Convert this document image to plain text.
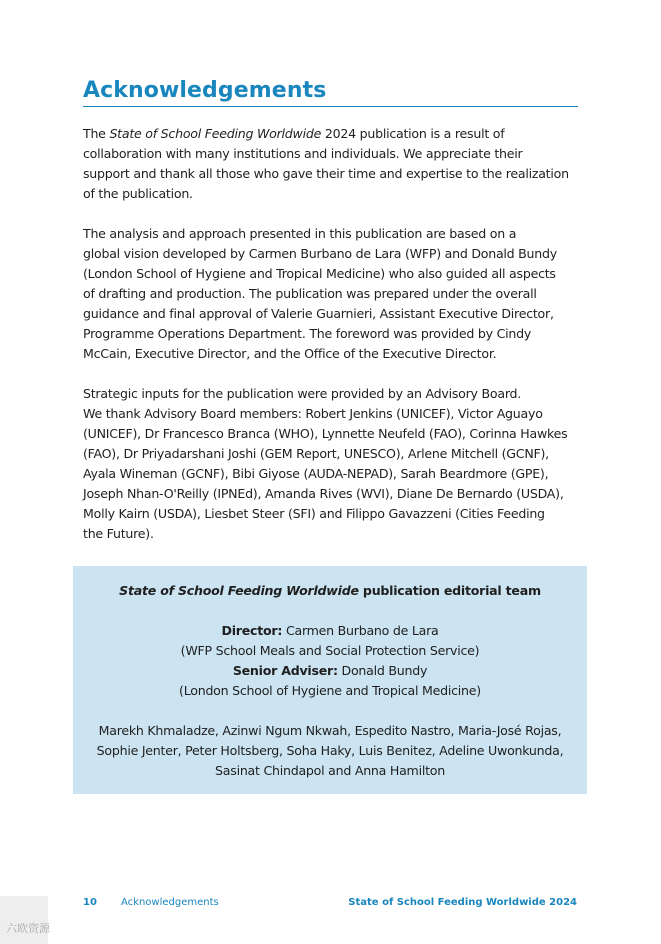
Acknowledgements

The State of School Feeding Worldwide 2024 publication is a result of
collaboration with many institutions and individuals. We appreciate their
support and thank all those who gave their time and expertise to the realization
of the publication.

The analysis and approach presented in this publication are based on a
global vision developed by Carmen Burbano de Lara (WFP) and Donald Bundy
(London School of Hygiene and Tropical Medicine) who also guided all aspects
of drafting and production. The publication was prepared under the overall
guidance and final approval of Valerie Guarnieri, Assistant Executive Director,
Programme Operations Department. The foreword was provided by Cindy
McCain, Executive Director, and the Office of the Executive Director.

Strategic inputs for the publication were provided by an Advisory Board.
We thank Advisory Board members: Robert Jenkins (UNICEF), Victor Aguayo
(UNICEF), Dr Francesco Branca (WHO), Lynnette Neufeld (FAO), Corinna Hawkes
(FAO), Dr Priyadarshani Joshi (GEM Report, UNESCO), Arlene Mitchell (GCNF),
Ayala Wineman (GCNF), Bibi Giyose (AUDA-NEPAD), Sarah Beardmore (GPE),
Joseph Nhan-O'Reilly (IPNEd), Amanda Rives (WVI), Diane De Bernardo (USDA),
Molly Kairn (USDA), Liesbet Steer (SFI) and Filippo Gavazzeni (Cities Feeding
the Future).

State of School Feeding Worldwide publication editorial team
Director: Carmen Burbano de Lara
(WFP School Meals and Social Protection Service)
Senior Adviser: Donald Bundy
(London School of Hygiene and Tropical Medicine)
Marekh Khmaladze, Azinwi Ngum Nkwah, Espedito Nastro, Maria-José Rojas,
Sophie Jenter, Peter Holtsberg, Soha Haky, Luis Benitez, Adeline Uwonkunda,
Sasinat Chindapol and Anna Hamilton
10 Acknowledgements	State of School Feeding Worldwide 2024
六欧资源
